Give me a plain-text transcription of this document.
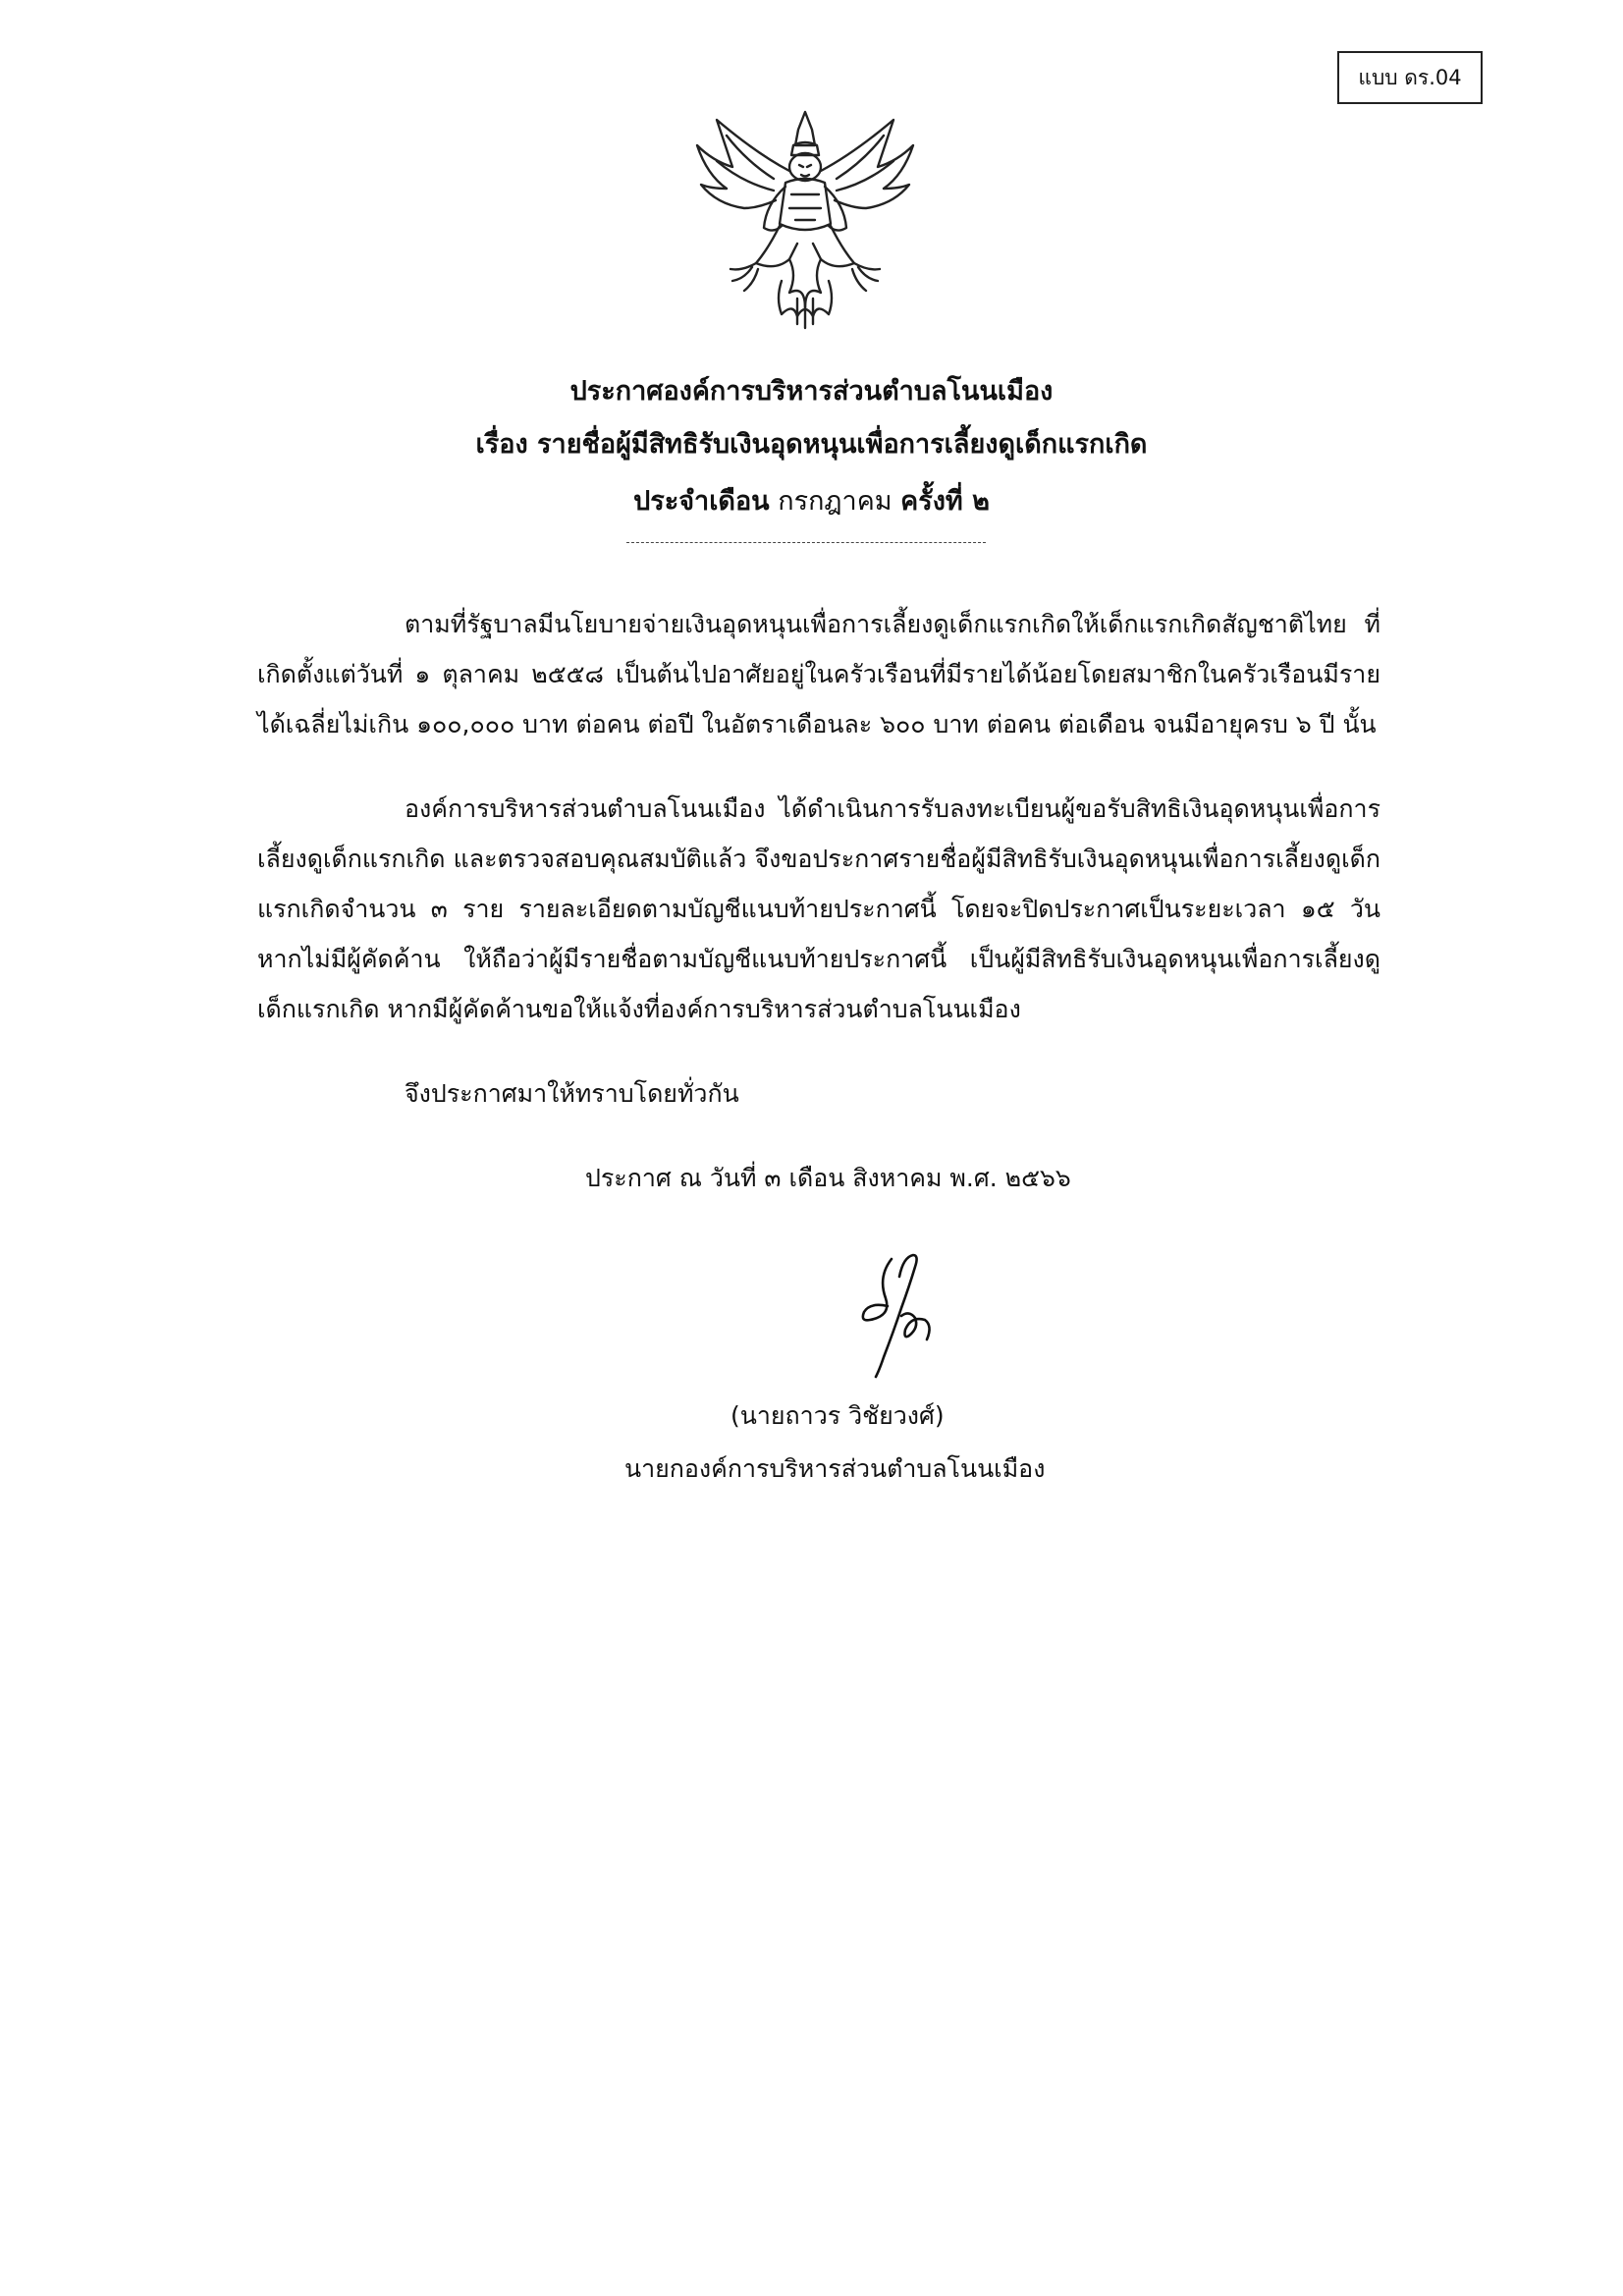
แบบ ดร.04
ประกาศองค์การบริหารส่วนตำบลโนนเมือง
เรื่อง รายชื่อผู้มีสิทธิรับเงินอุดหนุนเพื่อการเลี้ยงดูเด็กแรกเกิด
ประจำเดือน กรกฎาคม ครั้งที่ ๒
ตามที่รัฐบาลมีนโยบายจ่ายเงินอุดหนุนเพื่อการเลี้ยงดูเด็กแรกเกิดให้เด็กแรกเกิดสัญชาติไทย ที่เกิดตั้งแต่วันที่ ๑ ตุลาคม ๒๕๕๘ เป็นต้นไปอาศัยอยู่ในครัวเรือนที่มีรายได้น้อยโดยสมาชิกในครัวเรือนมีรายได้เฉลี่ยไม่เกิน ๑๐๐,๐๐๐ บาท ต่อคน ต่อปี ในอัตราเดือนละ ๖๐๐ บาท ต่อคน ต่อเดือน จนมีอายุครบ ๖ ปี นั้น
องค์การบริหารส่วนตำบลโนนเมือง ได้ดำเนินการรับลงทะเบียนผู้ขอรับสิทธิเงินอุดหนุนเพื่อการเลี้ยงดูเด็กแรกเกิด และตรวจสอบคุณสมบัติแล้ว จึงขอประกาศรายชื่อผู้มีสิทธิรับเงินอุดหนุนเพื่อการเลี้ยงดูเด็กแรกเกิดจำนวน ๓ ราย รายละเอียดตามบัญชีแนบท้ายประกาศนี้ โดยจะปิดประกาศเป็นระยะเวลา ๑๕ วัน หากไม่มีผู้คัดค้าน ให้ถือว่าผู้มีรายชื่อตามบัญชีแนบท้ายประกาศนี้ เป็นผู้มีสิทธิรับเงินอุดหนุนเพื่อการเลี้ยงดูเด็กแรกเกิด หากมีผู้คัดค้านขอให้แจ้งที่องค์การบริหารส่วนตำบลโนนเมือง
จึงประกาศมาให้ทราบโดยทั่วกัน
ประกาศ ณ วันที่ ๓ เดือน สิงหาคม พ.ศ. ๒๕๖๖
(นายถาวร วิชัยวงศ์)
นายกองค์การบริหารส่วนตำบลโนนเมือง
